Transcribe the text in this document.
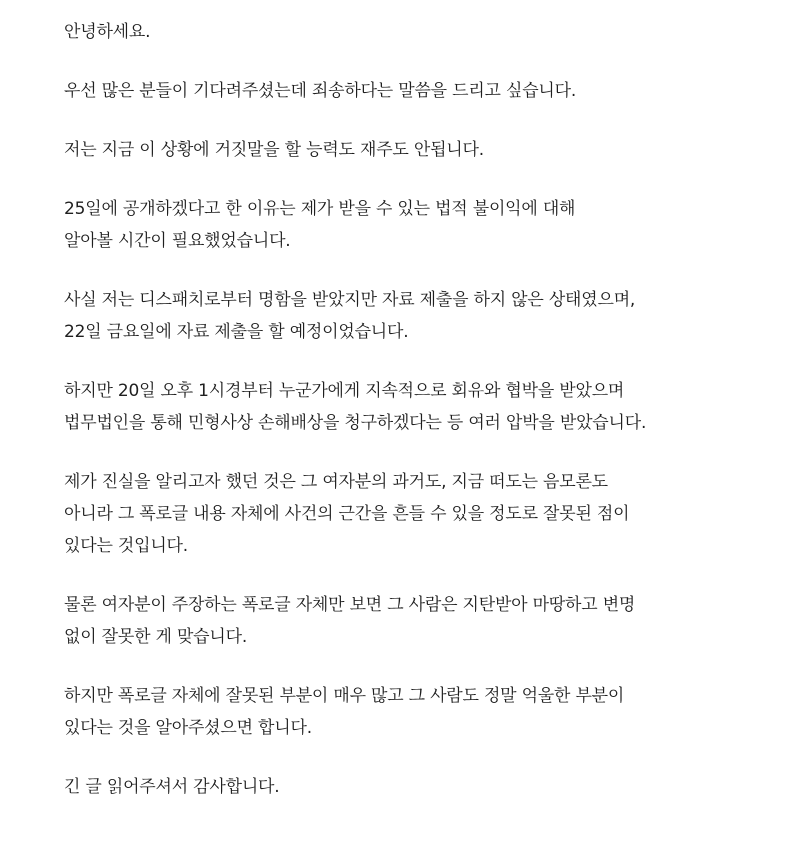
안녕하세요.
우선 많은 분들이 기다려주셨는데 죄송하다는 말씀을 드리고 싶습니다.
저는 지금 이 상황에 거짓말을 할 능력도 재주도 안됩니다.
25일에 공개하겠다고 한 이유는 제가 받을 수 있는 법적 불이익에 대해
알아볼 시간이 필요했었습니다.
사실 저는 디스패치로부터 명함을 받았지만 자료 제출을 하지 않은 상태였으며,
22일 금요일에 자료 제출을 할 예정이었습니다.
하지만 20일 오후 1시경부터 누군가에게 지속적으로 회유와 협박을 받았으며
법무법인을 통해 민형사상 손해배상을 청구하겠다는 등 여러 압박을 받았습니다.
제가 진실을 알리고자 했던 것은 그 여자분의 과거도, 지금 떠도는 음모론도
아니라 그 폭로글 내용 자체에 사건의 근간을 흔들 수 있을 정도로 잘못된 점이
있다는 것입니다.
물론 여자분이 주장하는 폭로글 자체만 보면 그 사람은 지탄받아 마땅하고 변명
없이 잘못한 게 맞습니다.
하지만 폭로글 자체에 잘못된 부분이 매우 많고 그 사람도 정말 억울한 부분이
있다는 것을 알아주셨으면 합니다.
긴 글 읽어주셔서 감사합니다.
